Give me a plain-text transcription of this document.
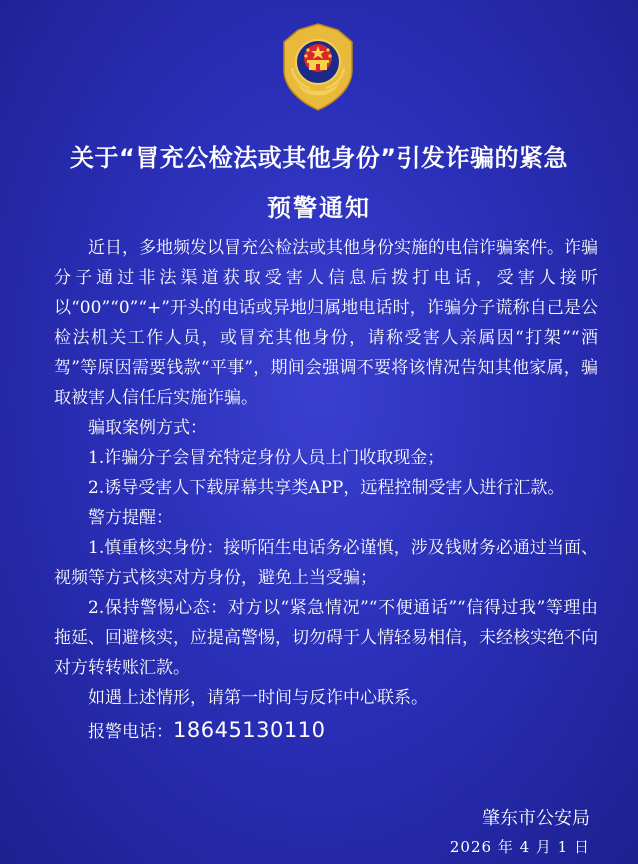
关于“冒充公检法或其他身份”引发诈骗的紧急
预警通知

近日，多地频发以冒充公检法或其他身份实施的电信诈骗案件。诈骗分子通过非法渠道获取受害人信息后拨打电话，受害人接听以“00”“0”“+”开头的电话或异地归属地电话时，诈骗分子谎称自己是公检法机关工作人员，或冒充其他身份，请称受害人亲属因“打架”“酒驾”等原因需要钱款“平事”，期间会强调不要将该情况告知其他家属，骗取被害人信任后实施诈骗。

骗取案例方式：
1.诈骗分子会冒充特定身份人员上门收取现金；
2.诱导受害人下载屏幕共享类APP，远程控制受害人进行汇款。
警方提醒：

1.慎重核实身份：接听陌生电话务必谨慎，涉及钱财务必通过当面、视频等方式核实对方身份，避免上当受骗；

2.保持警惕心态：对方以“紧急情况”“不便通话”“信得过我”等理由拖延、回避核实，应提高警惕，切勿碍于人情轻易相信，未经核实绝不向对方转转账汇款。

如遇上述情形，请第一时间与反诈中心联系。
报警电话：18645130110
肇东市公安局
2026 年 4 月 1 日
